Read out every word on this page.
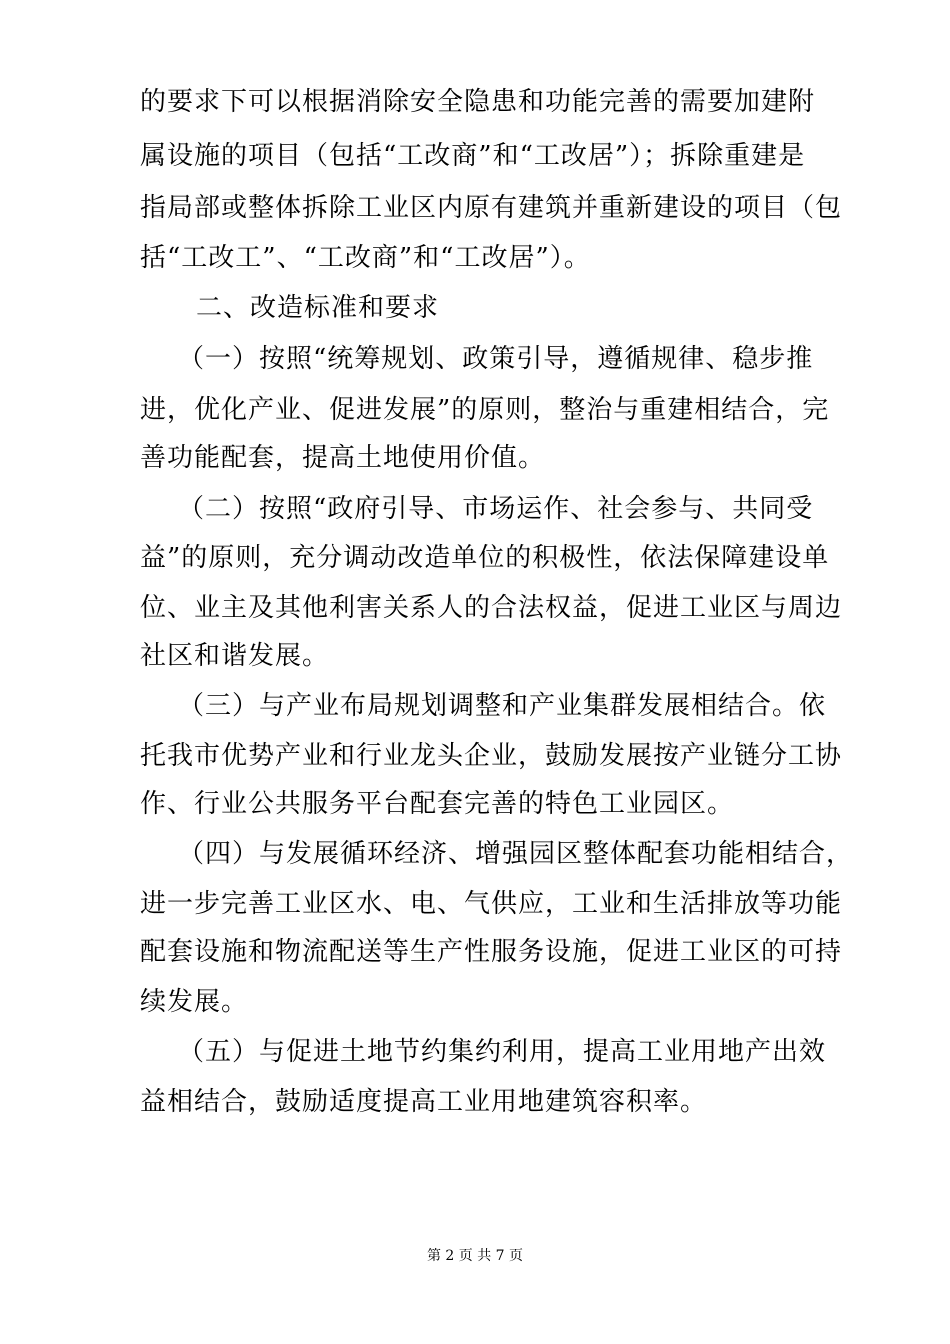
的要求下可以根据消除安全隐患和功能完善的需要加建附
属设施的项目（包括“工改商”和“工改居”）；拆除重建是
指局部或整体拆除工业区内原有建筑并重新建设的项目（包
括“工改工”、“工改商”和“工改居”）。
二、改造标准和要求
（一）按照“统筹规划、政策引导，遵循规律、稳步推
进，优化产业、促进发展”的原则，整治与重建相结合，完
善功能配套，提高土地使用价值。
（二）按照“政府引导、市场运作、社会参与、共同受
益”的原则，充分调动改造单位的积极性，依法保障建设单
位、业主及其他利害关系人的合法权益，促进工业区与周边
社区和谐发展。
（三）与产业布局规划调整和产业集群发展相结合。依
托我市优势产业和行业龙头企业，鼓励发展按产业链分工协
作、行业公共服务平台配套完善的特色工业园区。
（四）与发展循环经济、增强园区整体配套功能相结合，
进一步完善工业区水、电、气供应，工业和生活排放等功能
配套设施和物流配送等生产性服务设施，促进工业区的可持
续发展。
（五）与促进土地节约集约利用，提高工业用地产出效
益相结合，鼓励适度提高工业用地建筑容积率。
第 2 页 共 7 页
